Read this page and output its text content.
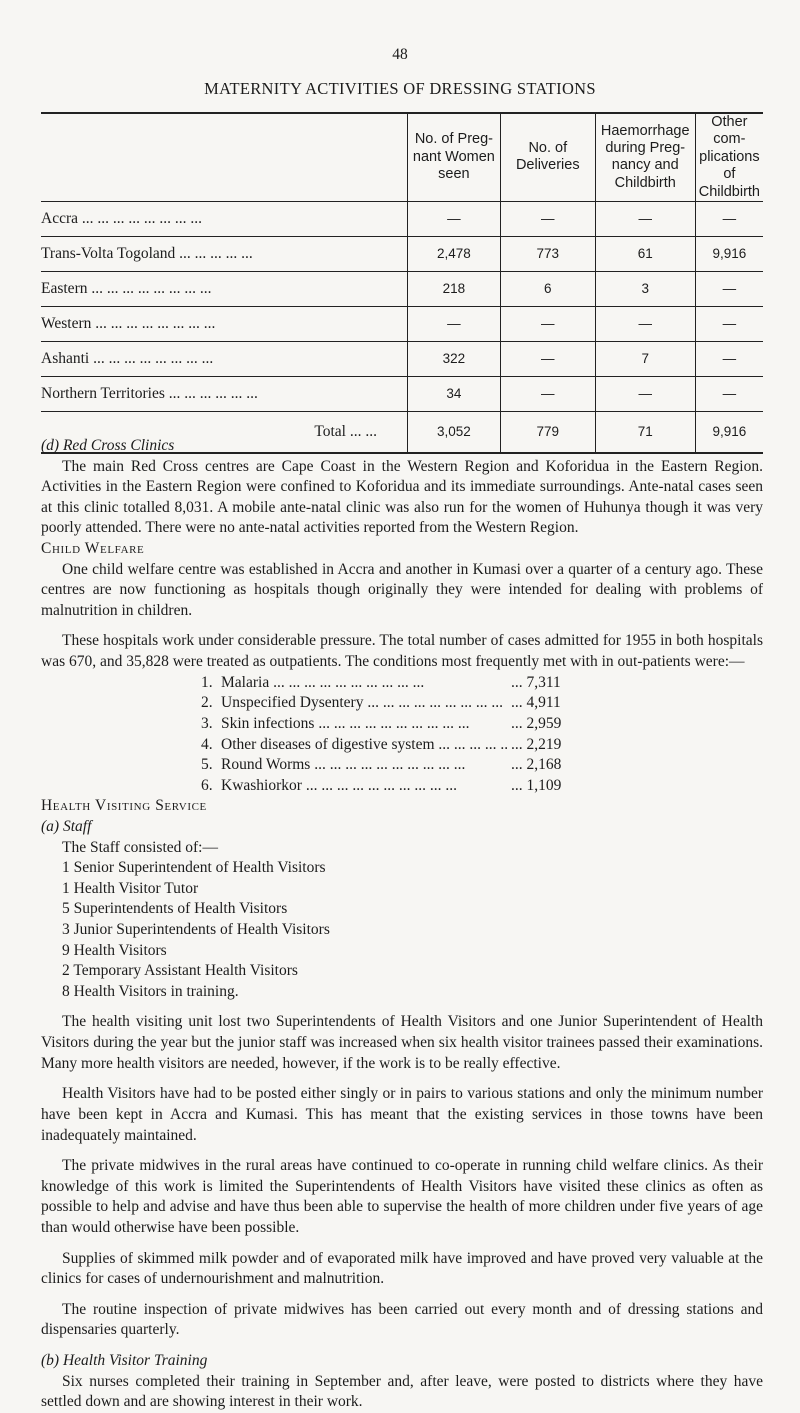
48
MATERNITY ACTIVITIES OF DRESSING STATIONS
	No. of Preg-nant Women seen	No. of Deliveries	Haemorrhage during Preg-nancy and Childbirth	Other com-plications of Childbirth
Accra ... ... ... ... ... ... ... ...	—	—	—	—
Trans-Volta Togoland ... ... ... ... ...	2,478	773	61	9,916
Eastern ... ... ... ... ... ... ... ...	218	6	3	—
Western ... ... ... ... ... ... ... ...	—	—	—	—
Ashanti ... ... ... ... ... ... ... ...	322	—	7	—
Northern Territories ... ... ... ... ... ...	34	—	—	—
Total ... ...	3,052	779	71	9,916

(d) Red Cross Clinics

The main Red Cross centres are Cape Coast in the Western Region and Koforidua in the Eastern Region. Activities in the Eastern Region were confined to Koforidua and its immediate surroundings. Ante-natal cases seen at this clinic totalled 8,031. A mobile ante-natal clinic was also run for the women of Huhunya though it was very poorly attended. There were no ante-natal activities reported from the Western Region.

Child Welfare

One child welfare centre was established in Accra and another in Kumasi over a quarter of a century ago. These centres are now functioning as hospitals though originally they were intended for dealing with problems of malnutrition in children.

These hospitals work under considerable pressure. The total number of cases admitted for 1955 in both hospitals was 670, and 35,828 were treated as outpatients. The conditions most frequently met with in out-patients were:—

1. Malaria ...	... 7,311
2. Unspecified Dysentery ...	... 4,911
3. Skin infections ...	... 2,959
4. Other diseases of digestive system ...	... 2,219
5. Round Worms ...	... 2,168
6. Kwashiorkor ...	... 1,109

Health Visiting Service

(a) Staff

The Staff consisted of:—

1 Senior Superintendent of Health Visitors
1 Health Visitor Tutor
5 Superintendents of Health Visitors
3 Junior Superintendents of Health Visitors
9 Health Visitors
2 Temporary Assistant Health Visitors
8 Health Visitors in training.

The health visiting unit lost two Superintendents of Health Visitors and one Junior Superintendent of Health Visitors during the year but the junior staff was increased when six health visitor trainees passed their examinations. Many more health visitors are needed, however, if the work is to be really effective.

Health Visitors have had to be posted either singly or in pairs to various stations and only the minimum number have been kept in Accra and Kumasi. This has meant that the existing services in those towns have been inadequately maintained.

The private midwives in the rural areas have continued to co-operate in running child welfare clinics. As their knowledge of this work is limited the Superintendents of Health Visitors have visited these clinics as often as possible to help and advise and have thus been able to supervise the health of more children under five years of age than would otherwise have been possible.

Supplies of skimmed milk powder and of evaporated milk have improved and have proved very valuable at the clinics for cases of undernourishment and malnutrition.

The routine inspection of private midwives has been carried out every month and of dressing stations and dispensaries quarterly.

(b) Health Visitor Training

Six nurses completed their training in September and, after leave, were posted to districts where they have settled down and are showing interest in their work.
